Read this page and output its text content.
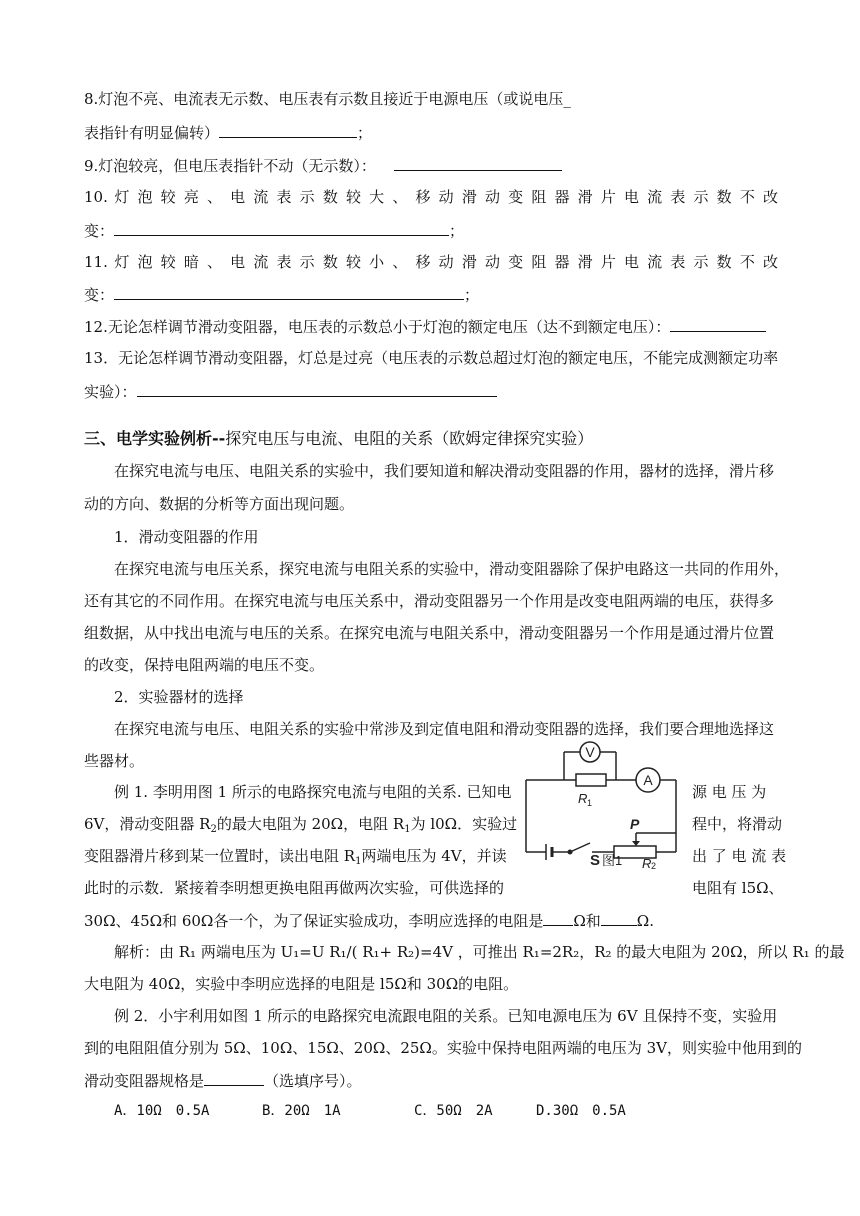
8.灯泡不亮、电流表无示数、电压表有示数且接近于电源电压（或说电压_
表指针有明显偏转）	；
9.灯泡较亮，但电压表指针不动（无示数）：
10. 灯 泡 较 亮 、 电 流 表 示 数 较 大 、 移 动 滑 动 变 阻 器 滑 片 电 流 表 示 数 不 改
变：	；
11. 灯 泡 较 暗 、 电 流 表 示 数 较 小 、 移 动 滑 动 变 阻 器 滑 片 电 流 表 示 数 不 改
变：	；
12.无论怎样调节滑动变阻器，电压表的示数总小于灯泡的额定电压（达不到额定电压）：
13．无论怎样调节滑动变阻器，灯总是过亮（电压表的示数总超过灯泡的额定电压，不能完成测额定功率
实验）：
三、电学实验例析--探究电压与电流、电阻的关系（欧姆定律探究实验）
在探究电流与电压、电阻关系的实验中，我们要知道和解决滑动变阻器的作用，器材的选择，滑片移
动的方向、数据的分析等方面出现问题。
1．滑动变阻器的作用
在探究电流与电压关系，探究电流与电阻关系的实验中，滑动变阻器除了保护电路这一共同的作用外，
还有其它的不同作用。在探究电流与电压关系中，滑动变阻器另一个作用是改变电阻两端的电压，获得多
组数据，从中找出电流与电压的关系。在探究电流与电阻关系中，滑动变阻器另一个作用是通过滑片位置
的改变，保持电阻两端的电压不变。
2．实验器材的选择
在探究电流与电压、电阻关系的实验中常涉及到定值电阻和滑动变阻器的选择，我们要合理地选择这
些器材。
例 1. 李明用图 1 所示的电路探究电流与电阻的关系. 已知电	源 电 压 为
6V，滑动变阻器 $R_2$的最大电阻为 20Ω，电阻 $R_1$为 l0Ω．实验过	程中，将滑动
变阻器滑片移到某一位置时，读出电阻 $R_1$两端电压为 4V，并读	出 了 电 流 表
此时的示数．紧接着李明想更换电阻再做两次实验，可供选择的	电阻有 l5Ω、
30Ω、45Ω和 60Ω各一个，为了保证实验成功，李明应选择的电阻是 Ω和 Ω.
解析：由 R₁ 两端电压为 U₁=U R₁/( R₁+ R₂)=4V ，可推出 R₁=2R₂，R₂ 的最大电阻为 20Ω，所以 R₁ 的最
大电阻为 40Ω，实验中李明应选择的电阻是 l5Ω和 30Ω的电阻。
例 2．小宇利用如图 1 所示的电路探究电流跟电阻的关系。已知电源电压为 6V 且保持不变，实验用
到的电阻阻值分别为 5Ω、10Ω、15Ω、20Ω、25Ω。实验中保持电阻两端的电压为 3V，则实验中他用到的
滑动变阻器规格是	（选填序号）。
A．10Ω　0.5A	B．20Ω　1A	C．50Ω　2A	D.30Ω　0.5A
V
A
R 1
P
S 图1 R 2
